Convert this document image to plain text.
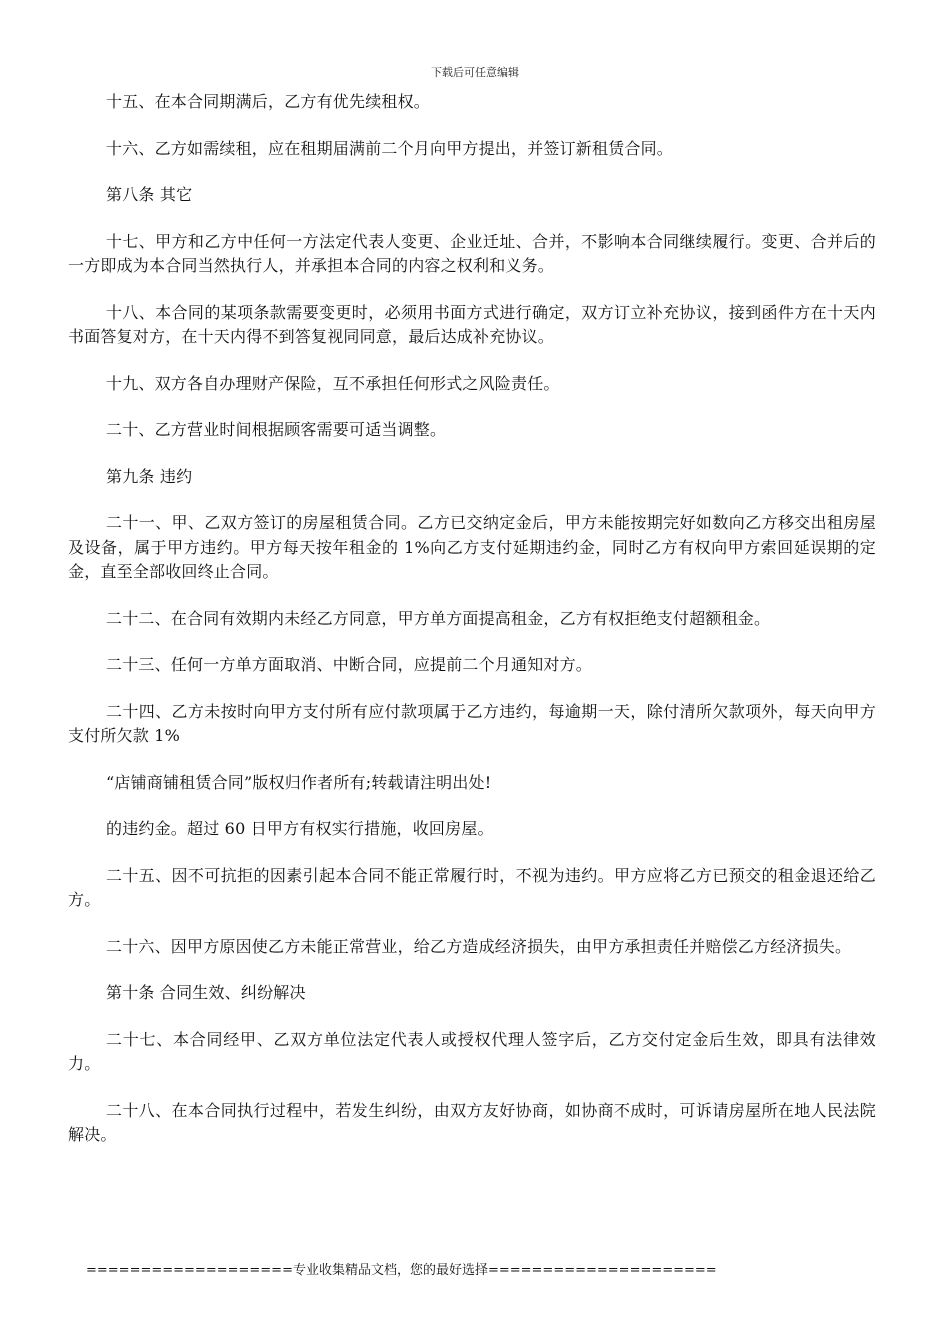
下载后可任意编辑

十五、在本合同期满后，乙方有优先续租权。

十六、乙方如需续租，应在租期届满前二个月向甲方提出，并签订新租赁合同。

第八条 其它

十七、甲方和乙方中任何一方法定代表人变更、企业迁址、合并，不影响本合同继续履行。变更、合并后的一方即成为本合同当然执行人，并承担本合同的内容之权利和义务。

十八、本合同的某项条款需要变更时，必须用书面方式进行确定，双方订立补充协议，接到函件方在十天内书面答复对方，在十天内得不到答复视同同意，最后达成补充协议。

十九、双方各自办理财产保险，互不承担任何形式之风险责任。

二十、乙方营业时间根据顾客需要可适当调整。

第九条 违约

二十一、甲、乙双方签订的房屋租赁合同。乙方已交纳定金后，甲方未能按期完好如数向乙方移交出租房屋及设备，属于甲方违约。甲方每天按年租金的 1%向乙方支付延期违约金，同时乙方有权向甲方索回延误期的定金，直至全部收回终止合同。

二十二、在合同有效期内未经乙方同意，甲方单方面提高租金，乙方有权拒绝支付超额租金。

二十三、任何一方单方面取消、中断合同，应提前二个月通知对方。

二十四、乙方未按时向甲方支付所有应付款项属于乙方违约，每逾期一天，除付清所欠款项外，每天向甲方支付所欠款 1%

“店铺商铺租赁合同”版权归作者所有;转载请注明出处!

的违约金。超过 60 日甲方有权实行措施，收回房屋。

二十五、因不可抗拒的因素引起本合同不能正常履行时，不视为违约。甲方应将乙方已预交的租金退还给乙方。

二十六、因甲方原因使乙方未能正常营业，给乙方造成经济损失，由甲方承担责任并赔偿乙方经济损失。

第十条 合同生效、纠纷解决

二十七、本合同经甲、乙双方单位法定代表人或授权代理人签字后，乙方交付定金后生效，即具有法律效力。

二十八、在本合同执行过程中，若发生纠纷，由双方友好协商，如协商不成时，可诉请房屋所在地人民法院解决。

===================专业收集精品文档，您的最好选择=====================
